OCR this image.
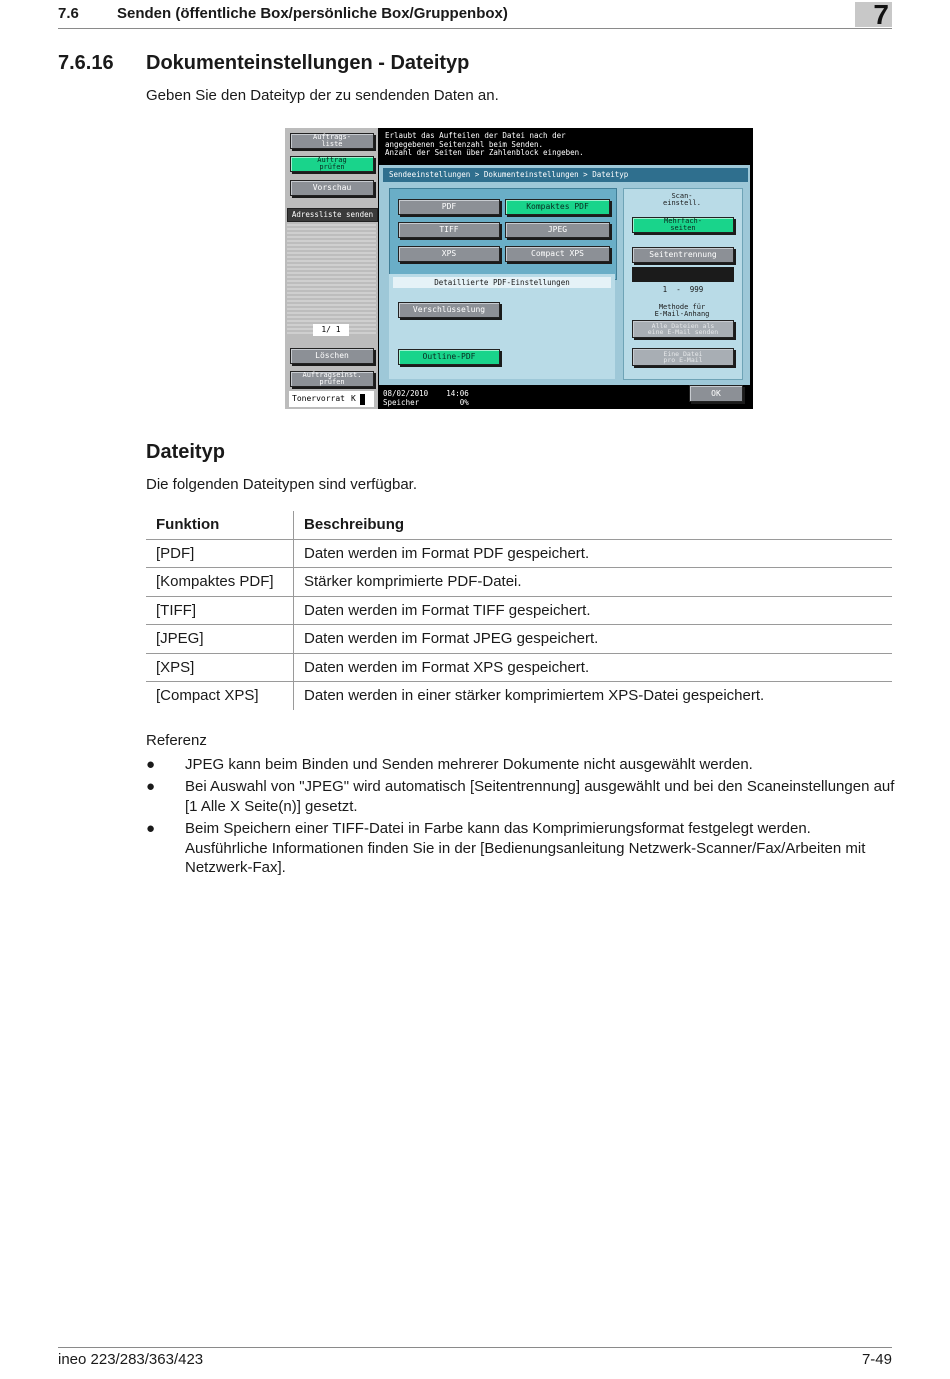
7.6	Senden (öffentliche Box/persönliche Box/Gruppenbox)	7
7.6.16 Dokumenteinstellungen - Dateityp
Geben Sie den Dateityp der zu sendenden Daten an.
Auftrags-
liste
Auftrag
prüfen
Vorschau
Adressliste senden
1/ 1
Löschen
Auftragseinst.
prüfen
Tonervorrat K
Erlaubt das Aufteilen der Datei nach der
angegebenen Seitenzahl beim Senden.
Anzahl der Seiten über Zahlenblock eingeben.
Sendeeinstellungen > Dokumenteinstellungen > Dateityp
PDF	Kompaktes PDF
TIFF	JPEG
XPS	Compact XPS
Detaillierte PDF-Einstellungen
Verschlüsselung
Outline-PDF
Scan-
einstell.
Mehrfach-
seiten
Seitentrennung
1  -  999
Methode für
E-Mail-Anhang
Alle Dateien als
eine E-Mail senden
Eine Datei
pro E-Mail
08/02/2010    14:06
Speicher         0%
OK
Dateityp
Die folgenden Dateitypen sind verfügbar.
Funktion	Beschreibung
[PDF]	Daten werden im Format PDF gespeichert.
[Kompaktes PDF]	Stärker komprimierte PDF-Datei.
[TIFF]	Daten werden im Format TIFF gespeichert.
[JPEG]	Daten werden im Format JPEG gespeichert.
[XPS]	Daten werden im Format XPS gespeichert.
[Compact XPS]	Daten werden in einer stärker komprimiertem XPS-Datei gespeichert.
Referenz
● JPEG kann beim Binden und Senden mehrerer Dokumente nicht ausgewählt werden.
● Bei Auswahl von "JPEG" wird automatisch [Seitentrennung] ausgewählt und bei den Scaneinstellungen auf [1 Alle X Seite(n)] gesetzt.
● Beim Speichern einer TIFF-Datei in Farbe kann das Komprimierungsformat festgelegt werden. Ausführliche Informationen finden Sie in der [Bedienungsanleitung Netzwerk-Scanner/Fax/Arbeiten mit Netzwerk-Fax].
ineo 223/283/363/423	7-49
